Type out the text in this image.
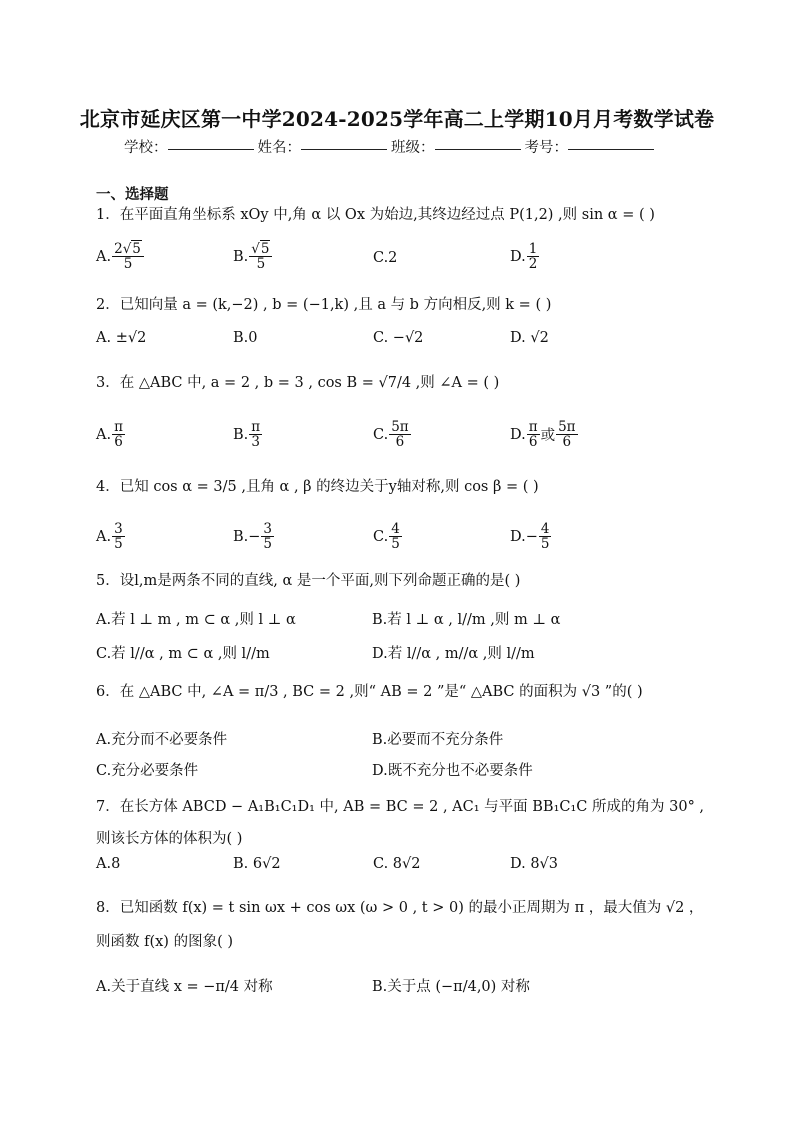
北京市延庆区第一中学2024-2025学年高二上学期10月月考数学试卷
学校：	姓名：	班级：	考号：
一、选择题
1．在平面直角坐标系 xOy 中,角 α 以 Ox 为始边,其终边经过点 P(1,2) ,则 sin α = ( )
A. $\frac{2√5}{5}$	B. $\frac{√5}{5}$	C.2	D. $\frac{1}{2}$
2．已知向量 a = (k,−2) , b = (−1,k) ,且 a 与 b 方向相反,则 k = ( )
A. ±√2	B.0	C. −√2	D. √2
3．在 △ABC 中, a = 2 , b = 3 , cos B = √7/4 ,则 ∠A = ( )
A. $\frac{\pi}{6}$	B. $\frac{\pi}{3}$	C. $\frac{5\pi}{6}$	D. $\frac{\pi}{6}$ 或 $\frac{5\pi}{6}$
4．已知 cos α = 3/5 ,且角 α , β 的终边关于y轴对称,则 cos β = ( )
A. $\frac{3}{5}$	B. − $\frac{3}{5}$	C. $\frac{4}{5}$	D. − $\frac{4}{5}$
5．设l,m是两条不同的直线, α 是一个平面,则下列命题正确的是( )
A.若 l ⊥ m , m ⊂ α ,则 l ⊥ α	B.若 l ⊥ α , l//m ,则 m ⊥ α
C.若 l//α , m ⊂ α ,则 l//m	D.若 l//α , m//α ,则 l//m
6．在 △ABC 中, ∠A = π/3 , BC = 2 ,则“ AB = 2 ”是“ △ABC 的面积为 √3 ”的( )
A.充分而不必要条件	B.必要而不充分条件
C.充分必要条件	D.既不充分也不必要条件
7．在长方体 ABCD − A₁B₁C₁D₁ 中, AB = BC = 2 , AC₁ 与平面 BB₁C₁C 所成的角为 30° ,则该长方体的体积为( )
A.8	B. 6√2	C. 8√2	D. 8√3
8．已知函数 f(x) = t sin ωx + cos ωx (ω > 0 , t > 0) 的最小正周期为 π ，最大值为 √2 ，则函数 f(x) 的图象( )
A.关于直线 x = −π/4 对称	B.关于点 (−π/4,0) 对称
